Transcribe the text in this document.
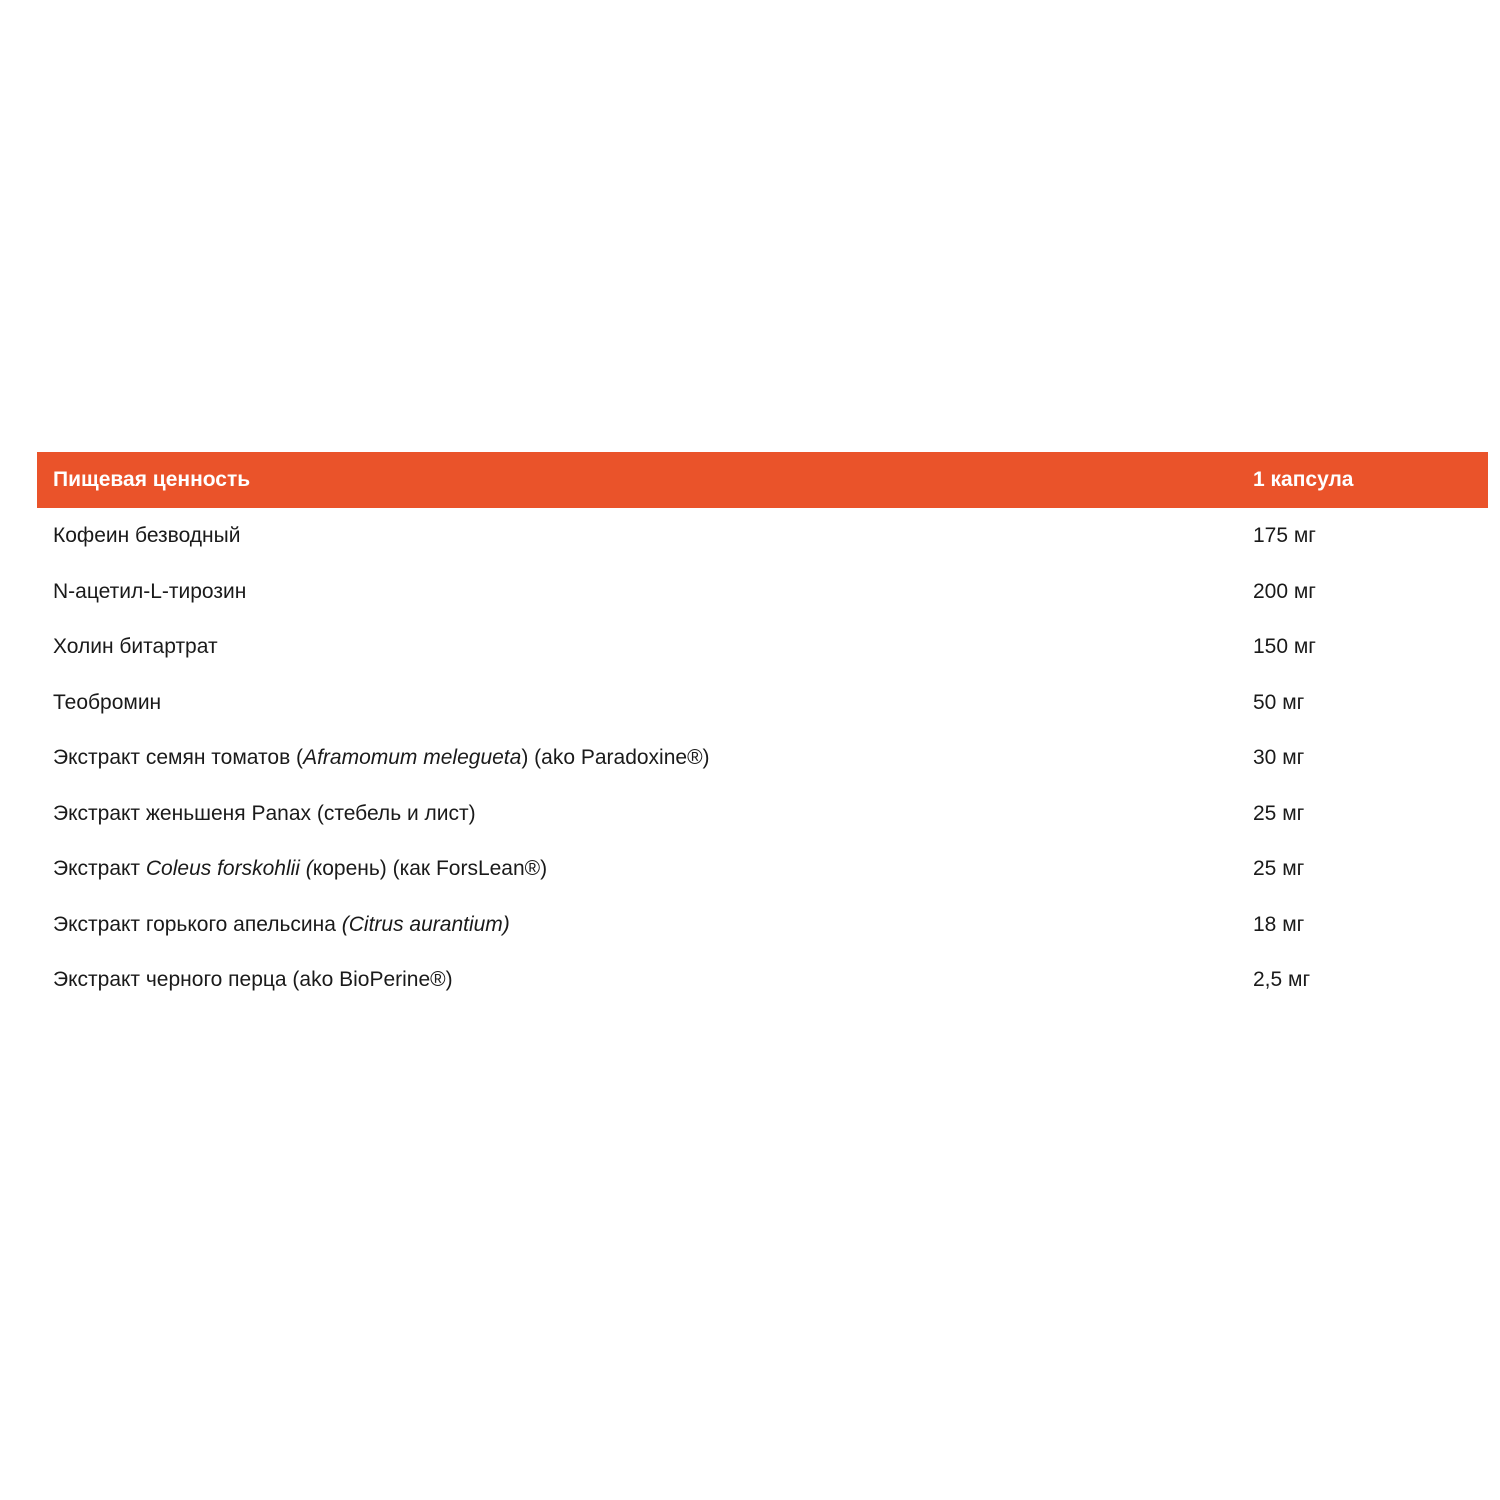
Пищевая ценность	1 капсула
Кофеин безводный	175 мг
N-ацетил-L-тирозин	200 мг
Холин битартрат	150 мг
Теобромин	50 мг
Экстракт семян томатов (Aframomum melegueta) (ako Paradoxine®)	30 мг
Экстракт женьшеня Panax (стебель и лист)	25 мг
Экстракт Coleus forskohlii (корень) (как ForsLean®)	25 мг
Экстракт горького апельсина (Citrus aurantium)	18 мг
Экстракт черного перца (ako BioPerine®)	2,5 мг
